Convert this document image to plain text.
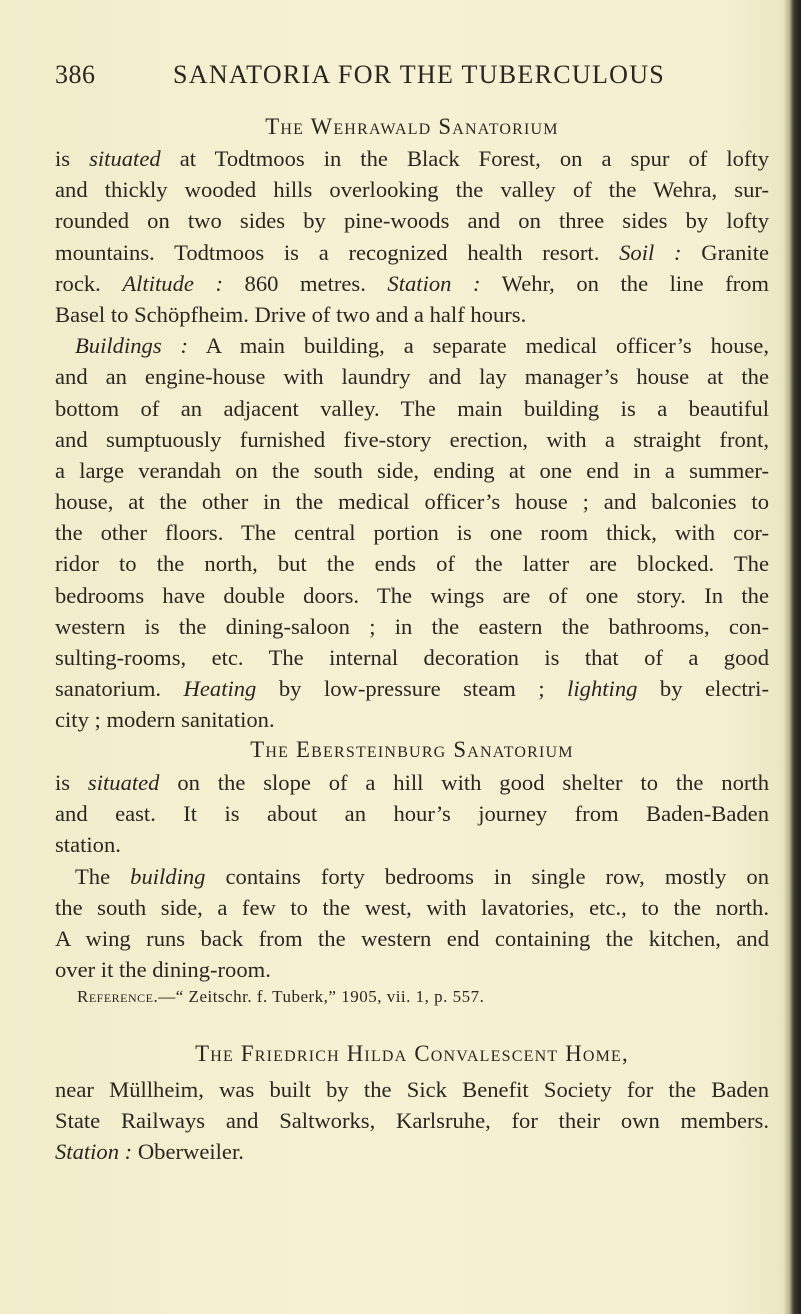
386	SANATORIA FOR THE TUBERCULOUS
The Wehrawald Sanatorium
is situated at Todtmoos in the Black Forest, on a spur of lofty
and thickly wooded hills overlooking the valley of the Wehra, sur-
rounded on two sides by pine-woods and on three sides by lofty
mountains. Todtmoos is a recognized health resort. Soil : Granite
rock. Altitude : 860 metres. Station : Wehr, on the line from
Basel to Schöpfheim. Drive of two and a half hours.
Buildings : A main building, a separate medical officer’s house,
and an engine-house with laundry and lay manager’s house at the
bottom of an adjacent valley. The main building is a beautiful
and sumptuously furnished five-story erection, with a straight front,
a large verandah on the south side, ending at one end in a summer-
house, at the other in the medical officer’s house ; and balconies to
the other floors. The central portion is one room thick, with cor-
ridor to the north, but the ends of the latter are blocked. The
bedrooms have double doors. The wings are of one story. In the
western is the dining-saloon ; in the eastern the bathrooms, con-
sulting-rooms, etc. The internal decoration is that of a good
sanatorium. Heating by low-pressure steam ; lighting by electri-
city ; modern sanitation.
The Ebersteinburg Sanatorium
is situated on the slope of a hill with good shelter to the north
and east. It is about an hour’s journey from Baden-Baden
station.
The building contains forty bedrooms in single row, mostly on
the south side, a few to the west, with lavatories, etc., to the north.
A wing runs back from the western end containing the kitchen, and
over it the dining-room.
Reference.—“ Zeitschr. f. Tuberk,” 1905, vii. 1, p. 557.
The Friedrich Hilda Convalescent Home,
near Müllheim, was built by the Sick Benefit Society for the Baden
State Railways and Saltworks, Karlsruhe, for their own members.
Station : Oberweiler.
